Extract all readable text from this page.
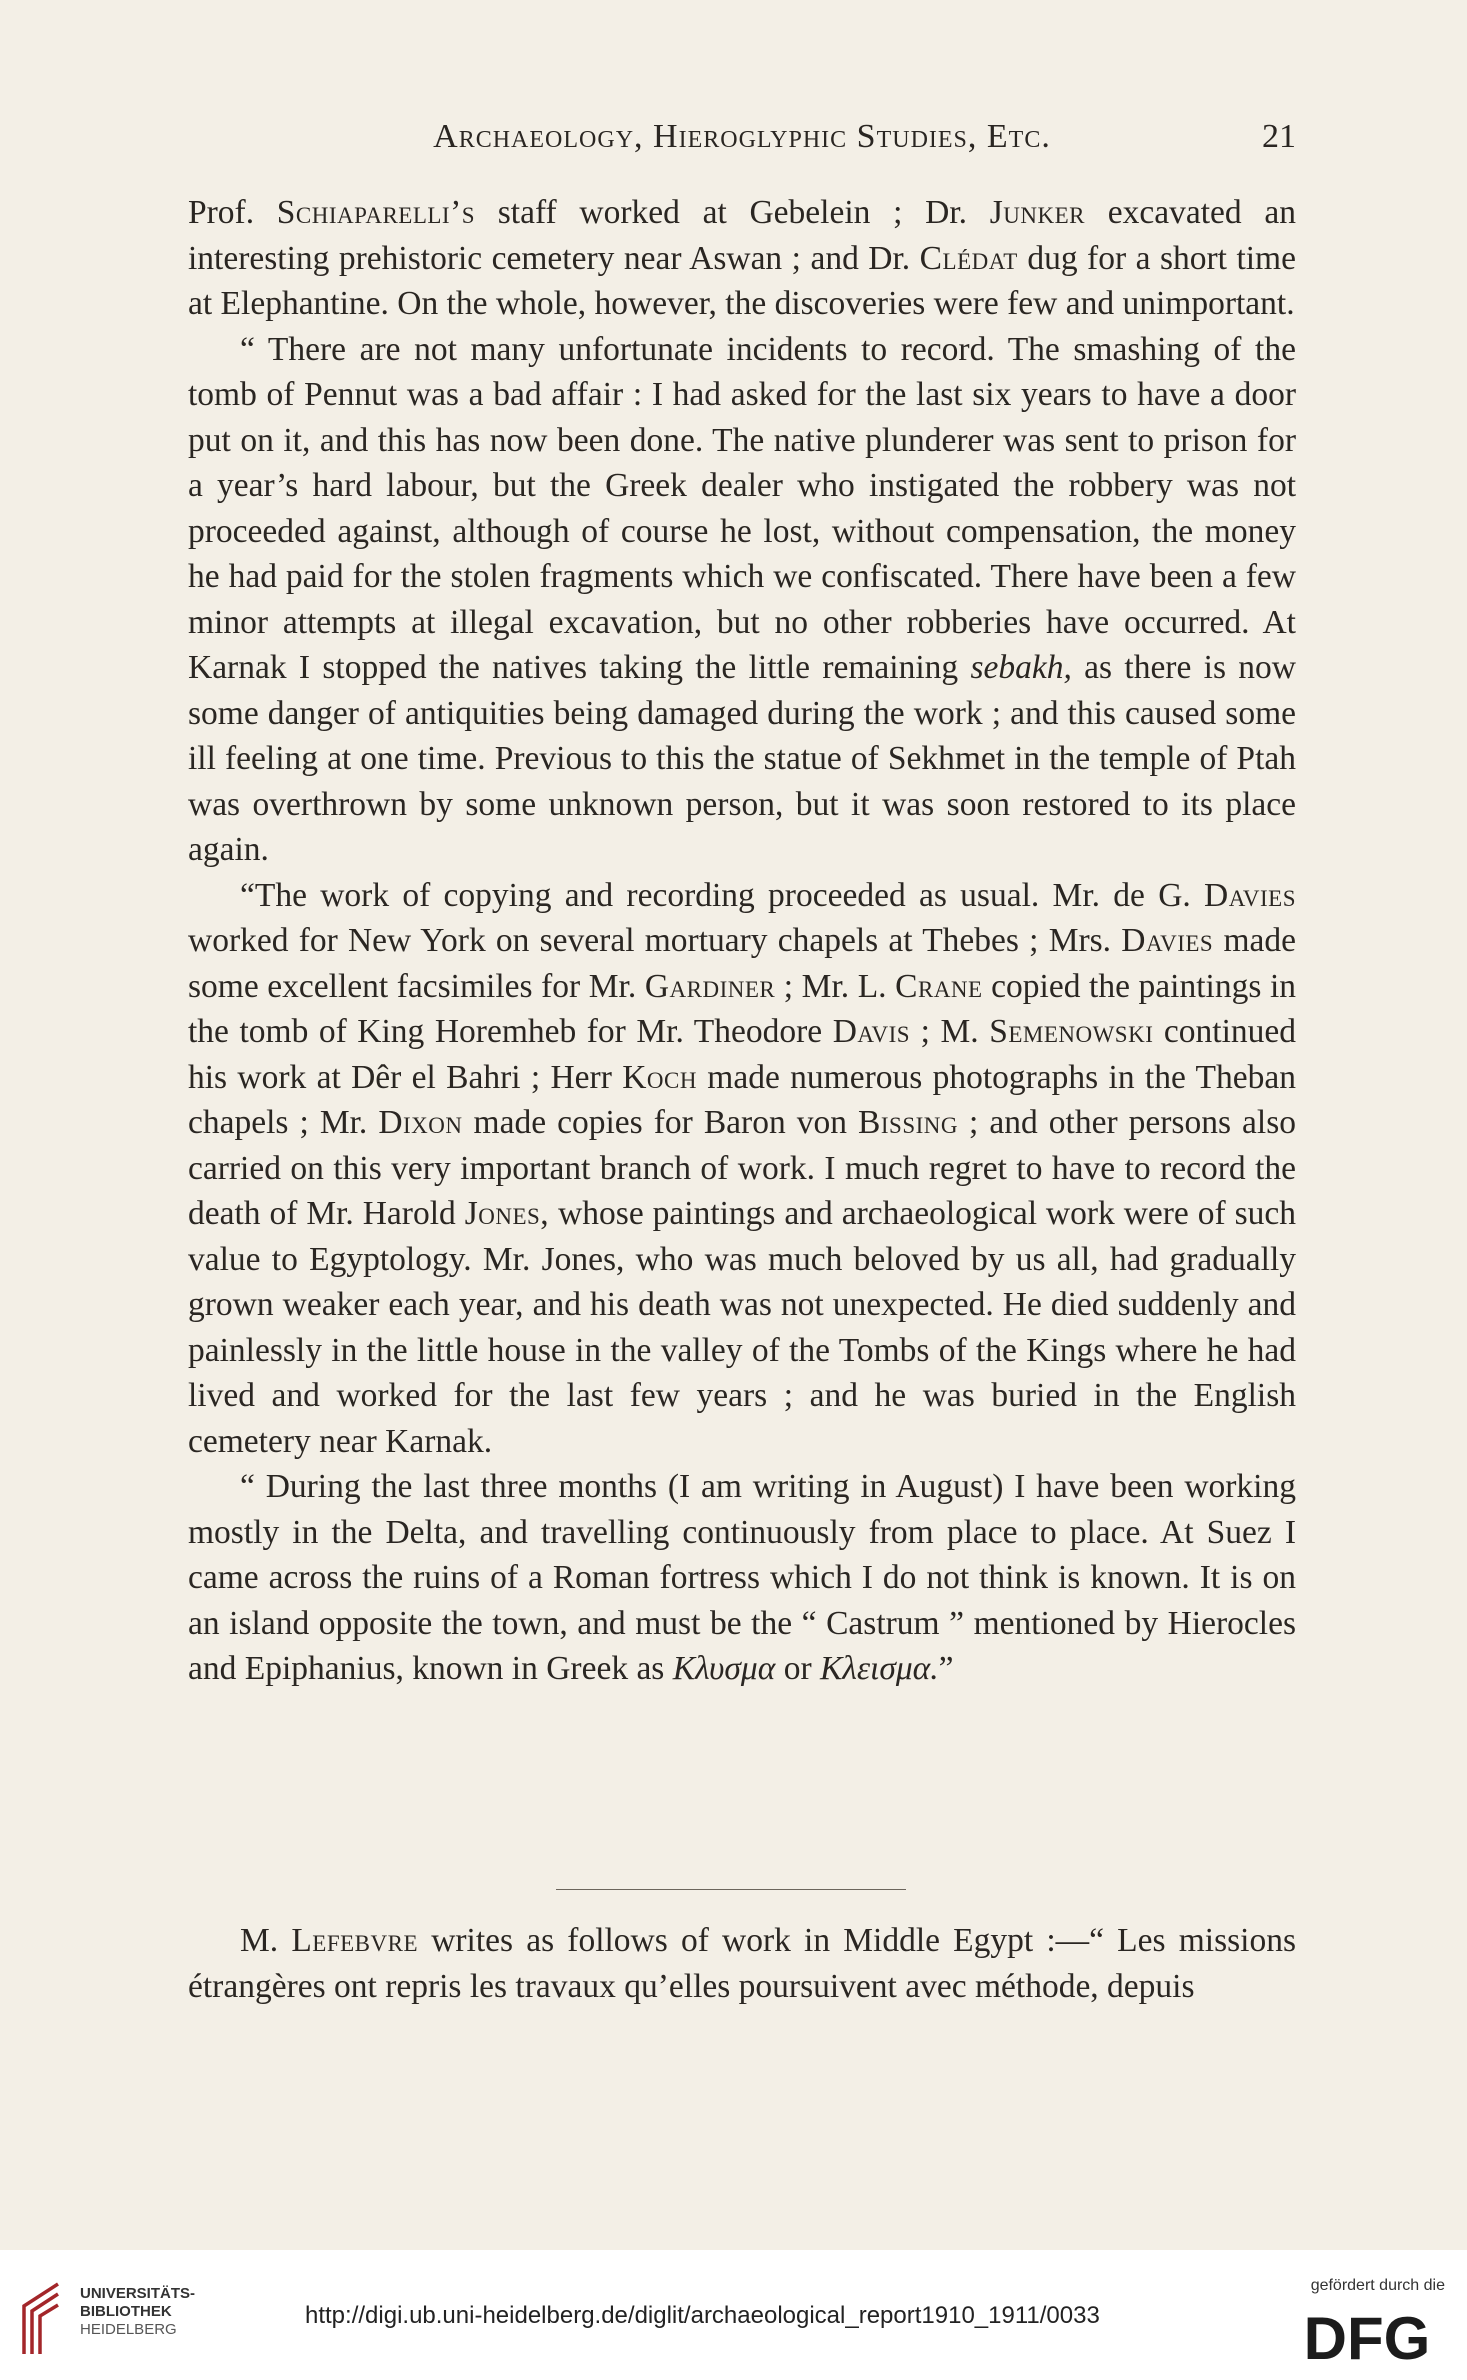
Archaeology, Hieroglyphic Studies, Etc.	21

Prof. Schiaparelli’s staff worked at Gebelein ; Dr. Junker excavated an interesting prehistoric cemetery near Aswan ; and Dr. Clédat dug for a short time at Elephantine. On the whole, however, the discoveries were few and unimportant.

“ There are not many unfortunate incidents to record. The smashing of the tomb of Pennut was a bad affair : I had asked for the last six years to have a door put on it, and this has now been done. The native plunderer was sent to prison for a year’s hard labour, but the Greek dealer who instigated the robbery was not proceeded against, although of course he lost, without compensation, the money he had paid for the stolen fragments which we confiscated. There have been a few minor attempts at illegal excavation, but no other robberies have occurred. At Karnak I stopped the natives taking the little remaining sebakh, as there is now some danger of antiquities being damaged during the work ; and this caused some ill feeling at one time. Previous to this the statue of Sekhmet in the temple of Ptah was overthrown by some unknown person, but it was soon restored to its place again.

“The work of copying and recording proceeded as usual. Mr. de G. Davies worked for New York on several mortuary chapels at Thebes ; Mrs. Davies made some excellent facsimiles for Mr. Gardiner ; Mr. L. Crane copied the paintings in the tomb of King Horemheb for Mr. Theodore Davis ; M. Semenowski continued his work at Dêr el Bahri ; Herr Koch made numerous photographs in the Theban chapels ; Mr. Dixon made copies for Baron von Bissing ; and other persons also carried on this very important branch of work. I much regret to have to record the death of Mr. Harold Jones, whose paintings and archaeological work were of such value to Egyptology. Mr. Jones, who was much beloved by us all, had gradually grown weaker each year, and his death was not unexpected. He died suddenly and painlessly in the little house in the valley of the Tombs of the Kings where he had lived and worked for the last few years ; and he was buried in the English cemetery near Karnak.

“ During the last three months (I am writing in August) I have been working mostly in the Delta, and travelling continuously from place to place. At Suez I came across the ruins of a Roman fortress which I do not think is known. It is on an island opposite the town, and must be the “ Castrum ” mentioned by Hierocles and Epiphanius, known in Greek as Κλυσμα or Κλεισμα.”

M. Lefebvre writes as follows of work in Middle Egypt :—“ Les missions étrangères ont repris les travaux qu’elles poursuivent avec méthode, depuis

UNIVERSITÄTS-
BIBLIOTHEK
HEIDELBERG
http://digi.ub.uni-heidelberg.de/diglit/archaeological_report1910_1911/0033
gefördert durch die
DFG
